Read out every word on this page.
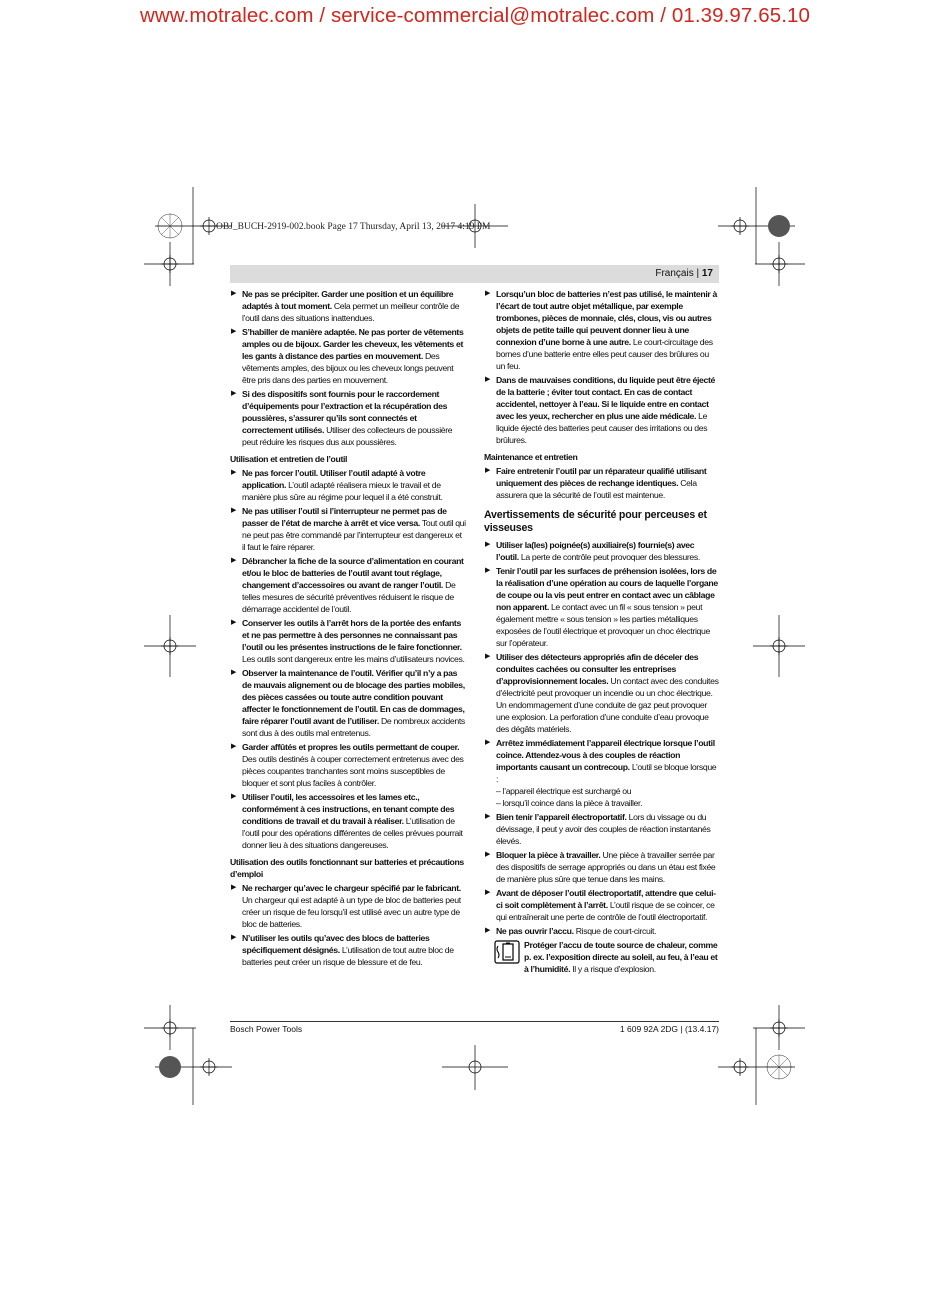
www.motralec.com / service-commercial@motralec.com / 01.39.97.65.10
OBJ_BUCH-2919-002.book Page 17 Thursday, April 13, 2017 4:19 PM
Français | 17
▶ Ne pas se précipiter. Garder une position et un équilibre adaptés à tout moment. Cela permet un meilleur contrôle de l’outil dans des situations inattendues.
▶ S’habiller de manière adaptée. Ne pas porter de vêtements amples ou de bijoux. Garder les cheveux, les vêtements et les gants à distance des parties en mouvement. Des vêtements amples, des bijoux ou les cheveux longs peuvent être pris dans des parties en mouvement.
▶ Si des dispositifs sont fournis pour le raccordement d’équipements pour l’extraction et la récupération des poussières, s’assurer qu’ils sont connectés et correctement utilisés. Utiliser des collecteurs de poussière peut réduire les risques dus aux poussières.
Utilisation et entretien de l’outil
▶ Ne pas forcer l’outil. Utiliser l’outil adapté à votre application. L’outil adapté réalisera mieux le travail et de manière plus sûre au régime pour lequel il a été construit.
▶ Ne pas utiliser l’outil si l’interrupteur ne permet pas de passer de l’état de marche à arrêt et vice versa. Tout outil qui ne peut pas être commandé par l’interrupteur est dangereux et il faut le faire réparer.
▶ Débrancher la fiche de la source d’alimentation en courant et/ou le bloc de batteries de l’outil avant tout réglage, changement d’accessoires ou avant de ranger l’outil. De telles mesures de sécurité préventives réduisent le risque de démarrage accidentel de l’outil.
▶ Conserver les outils à l’arrêt hors de la portée des enfants et ne pas permettre à des personnes ne connaissant pas l’outil ou les présentes instructions de le faire fonctionner. Les outils sont dangereux entre les mains d’utilisateurs novices.
▶ Observer la maintenance de l’outil. Vérifier qu’il n’y a pas de mauvais alignement ou de blocage des parties mobiles, des pièces cassées ou toute autre condition pouvant affecter le fonctionnement de l’outil. En cas de dommages, faire réparer l’outil avant de l’utiliser. De nombreux accidents sont dus à des outils mal entretenus.
▶ Garder affûtés et propres les outils permettant de couper. Des outils destinés à couper correctement entretenus avec des pièces coupantes tranchantes sont moins susceptibles de bloquer et sont plus faciles à contrôler.
▶ Utiliser l’outil, les accessoires et les lames etc., conformément à ces instructions, en tenant compte des conditions de travail et du travail à réaliser. L’utilisation de l’outil pour des opérations différentes de celles prévues pourrait donner lieu à des situations dangereuses.
Utilisation des outils fonctionnant sur batteries et précautions d’emploi
▶ Ne recharger qu’avec le chargeur spécifié par le fabricant. Un chargeur qui est adapté à un type de bloc de batteries peut créer un risque de feu lorsqu’il est utilisé avec un autre type de bloc de batteries.
▶ N’utiliser les outils qu’avec des blocs de batteries spécifiquement désignés. L’utilisation de tout autre bloc de batteries peut créer un risque de blessure et de feu.
▶ Lorsqu’un bloc de batteries n’est pas utilisé, le maintenir à l’écart de tout autre objet métallique, par exemple trombones, pièces de monnaie, clés, clous, vis ou autres objets de petite taille qui peuvent donner lieu à une connexion d’une borne à une autre. Le court-circuitage des bornes d’une batterie entre elles peut causer des brûlures ou un feu.
▶ Dans de mauvaises conditions, du liquide peut être éjecté de la batterie ; éviter tout contact. En cas de contact accidentel, nettoyer à l’eau. Si le liquide entre en contact avec les yeux, rechercher en plus une aide médicale. Le liquide éjecté des batteries peut causer des irritations ou des brûlures.
Maintenance et entretien
▶ Faire entretenir l’outil par un réparateur qualifié utilisant uniquement des pièces de rechange identiques. Cela assurera que la sécurité de l’outil est maintenue.
Avertissements de sécurité pour perceuses et visseuses
▶ Utiliser la(les) poignée(s) auxiliaire(s) fournie(s) avec l’outil. La perte de contrôle peut provoquer des blessures.
▶ Tenir l’outil par les surfaces de préhension isolées, lors de la réalisation d’une opération au cours de laquelle l’organe de coupe ou la vis peut entrer en contact avec un câblage non apparent. Le contact avec un fil « sous tension » peut également mettre « sous tension » les parties métalliques exposées de l’outil électrique et provoquer un choc électrique sur l’opérateur.
▶ Utiliser des détecteurs appropriés afin de déceler des conduites cachées ou consulter les entreprises d’approvisionnement locales. Un contact avec des conduites d’électricité peut provoquer un incendie ou un choc électrique. Un endommagement d’une conduite de gaz peut provoquer une explosion. La perforation d’une conduite d’eau provoque des dégâts matériels.
▶ Arrêtez immédiatement l’appareil électrique lorsque l’outil coince. Attendez-vous à des couples de réaction importants causant un contrecoup. L’outil se bloque lorsque :
– l’appareil électrique est surchargé ou
– lorsqu’il coince dans la pièce à travailler.
▶ Bien tenir l’appareil électroportatif. Lors du vissage ou du dévissage, il peut y avoir des couples de réaction instantanés élevés.
▶ Bloquer la pièce à travailler. Une pièce à travailler serrée par des dispositifs de serrage appropriés ou dans un étau est fixée de manière plus sûre que tenue dans les mains.
▶ Avant de déposer l’outil électroportatif, attendre que celui-ci soit complètement à l’arrêt. L’outil risque de se coincer, ce qui entraînerait une perte de contrôle de l’outil électroportatif.
▶ Ne pas ouvrir l’accu. Risque de court-circuit.
Protéger l’accu de toute source de chaleur, comme p. ex. l’exposition directe au soleil, au feu, à l’eau et à l’humidité. Il y a risque d’explosion.
Bosch Power Tools	1 609 92A 2DG | (13.4.17)
